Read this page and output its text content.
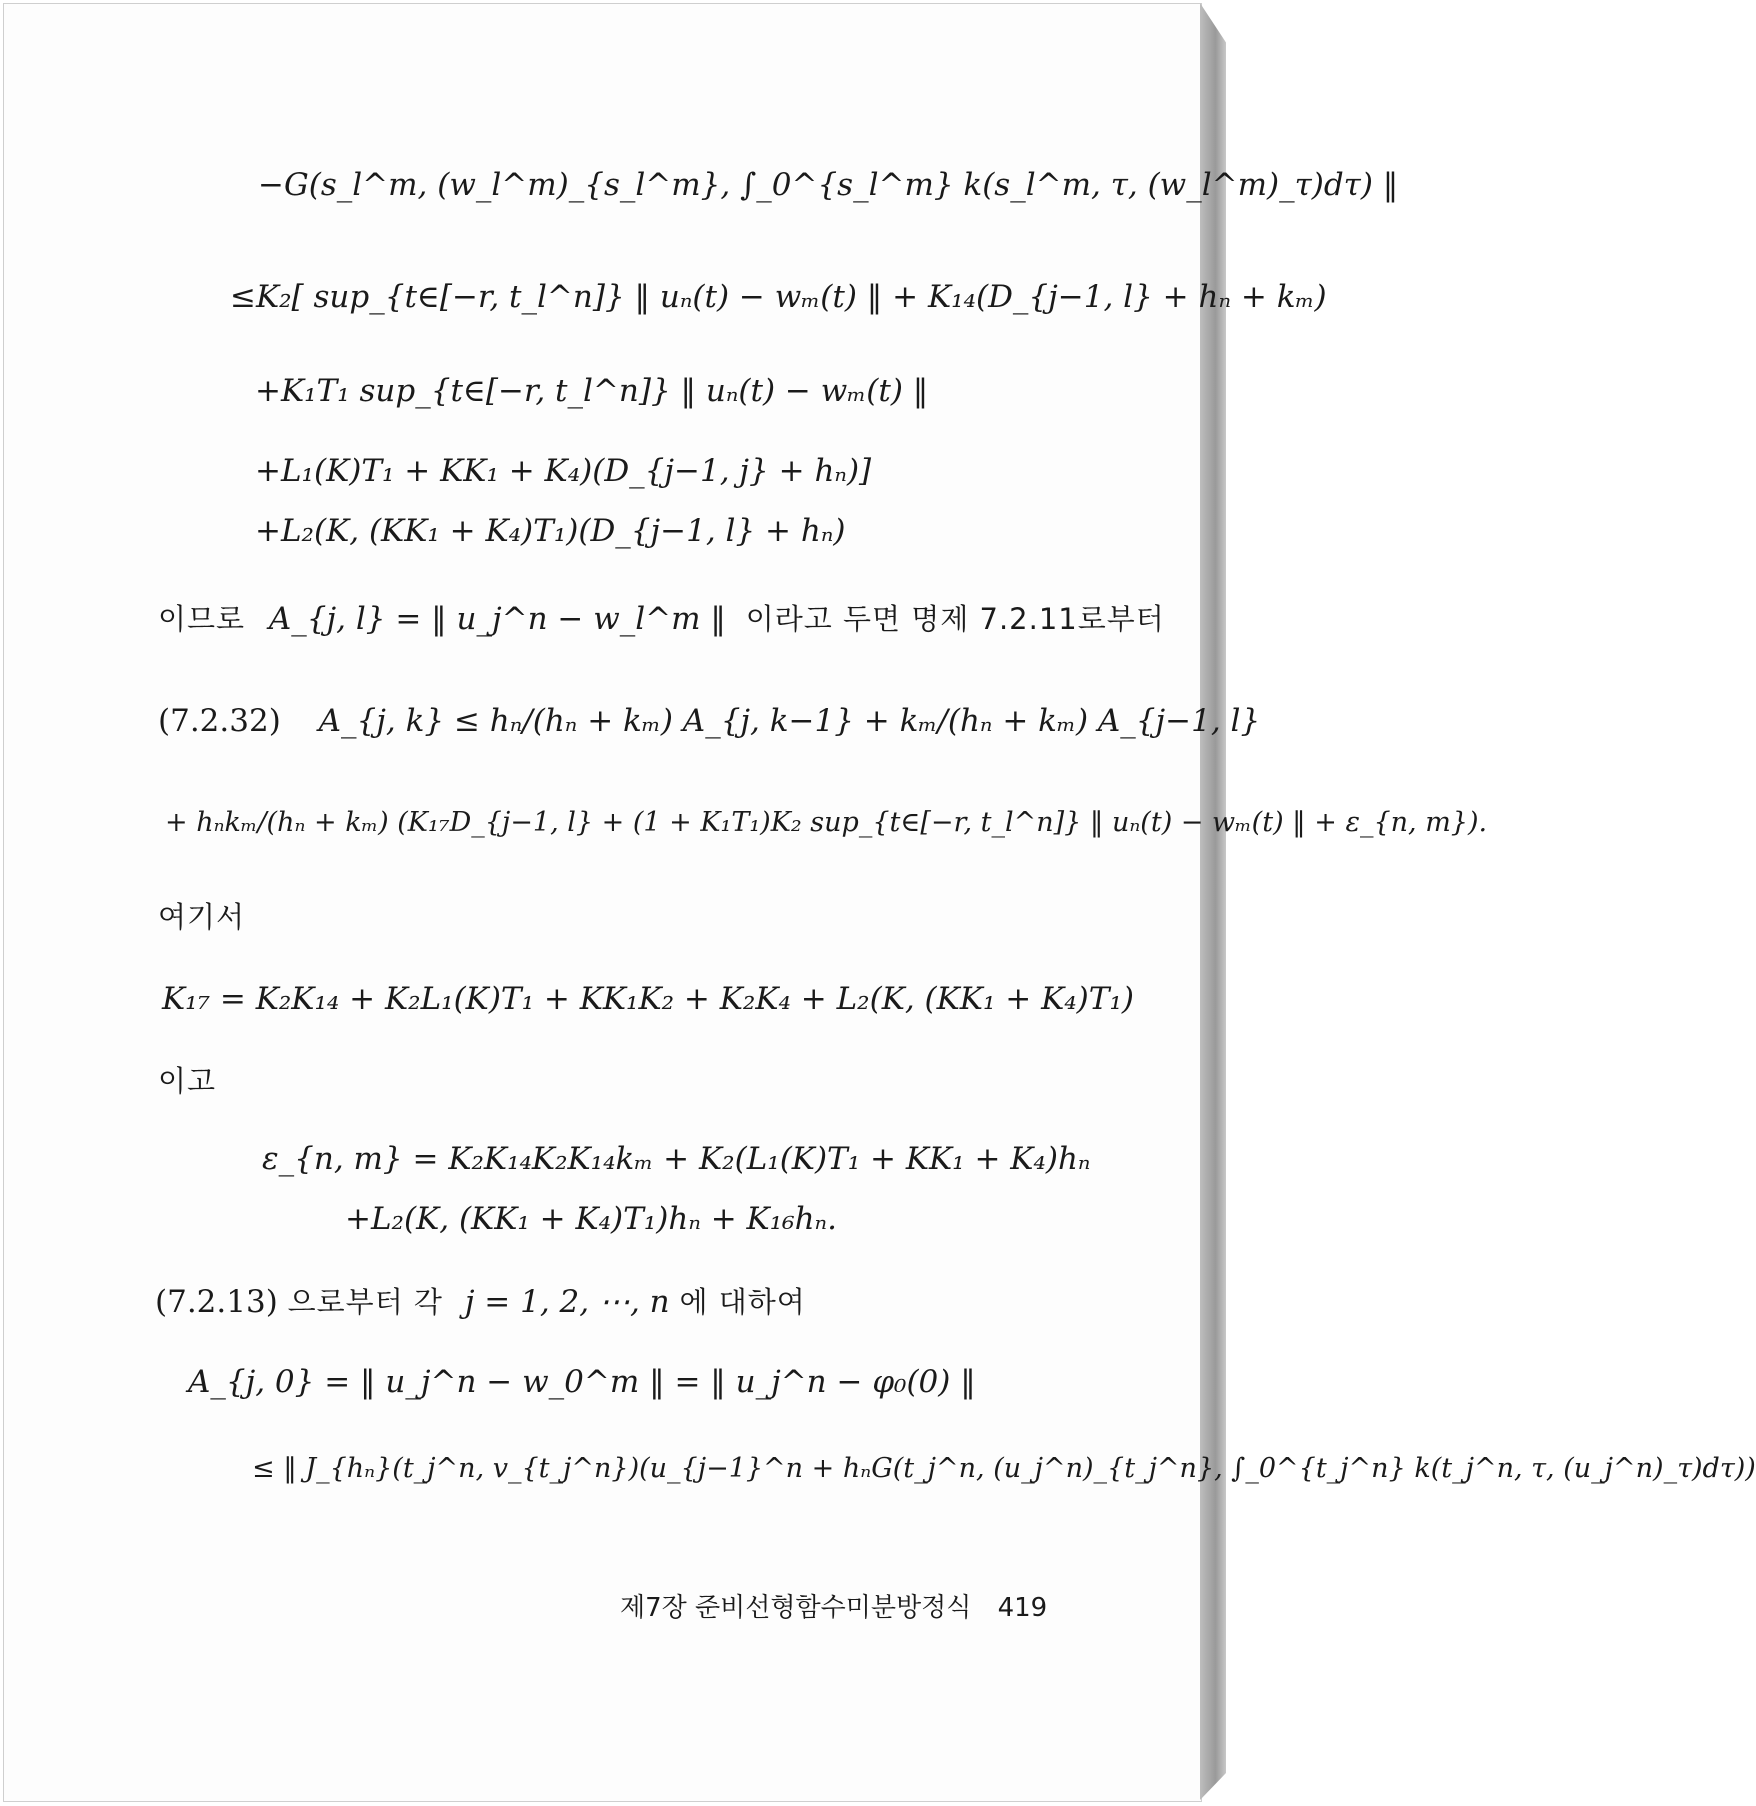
−G(s_l^m, (w_l^m)_{s_l^m}, ∫_0^{s_l^m} k(s_l^m, τ, (w_l^m)_τ)dτ) ‖
≤K₂[ sup_{t∈[−r, t_l^n]} ‖ uₙ(t) − wₘ(t) ‖ + K₁₄(D_{j−1, l} + hₙ + kₘ)
+K₁T₁ sup_{t∈[−r, t_l^n]} ‖ uₙ(t) − wₘ(t) ‖
+L₁(K)T₁ + KK₁ + K₄)(D_{j−1, j} + hₙ)]
+L₂(K, (KK₁ + K₄)T₁)(D_{j−1, l} + hₙ)
이므로 A_{j, l} = ‖ u_j^n − w_l^m ‖ 이라고 두면 명제 7.2.11로부터
(7.2.32) A_{j, k} ≤ hₙ/(hₙ + kₘ) A_{j, k−1} + kₘ/(hₙ + kₘ) A_{j−1, l}
+ hₙkₘ/(hₙ + kₘ) (K₁₇D_{j−1, l} + (1 + K₁T₁)K₂ sup_{t∈[−r, t_l^n]} ‖ uₙ(t) − wₘ(t) ‖ + ε_{n, m}).
여기서
K₁₇ = K₂K₁₄ + K₂L₁(K)T₁ + KK₁K₂ + K₂K₄ + L₂(K, (KK₁ + K₄)T₁)
이고
ε_{n, m} = K₂K₁₄K₂K₁₄kₘ + K₂(L₁(K)T₁ + KK₁ + K₄)hₙ
+L₂(K, (KK₁ + K₄)T₁)hₙ + K₁₆hₙ.
(7.2.13) 으로부터 각 j = 1, 2, ⋯, n 에 대하여
A_{j, 0} = ‖ u_j^n − w_0^m ‖ = ‖ u_j^n − φ₀(0) ‖
≤ ‖ J_{hₙ}(t_j^n, v_{t_j^n})(u_{j−1}^n + hₙG(t_j^n, (u_j^n)_{t_j^n}, ∫_0^{t_j^n} k(t_j^n, τ, (u_j^n)_τ)dτ))
제7장 준비선형함수미분방정식 419
